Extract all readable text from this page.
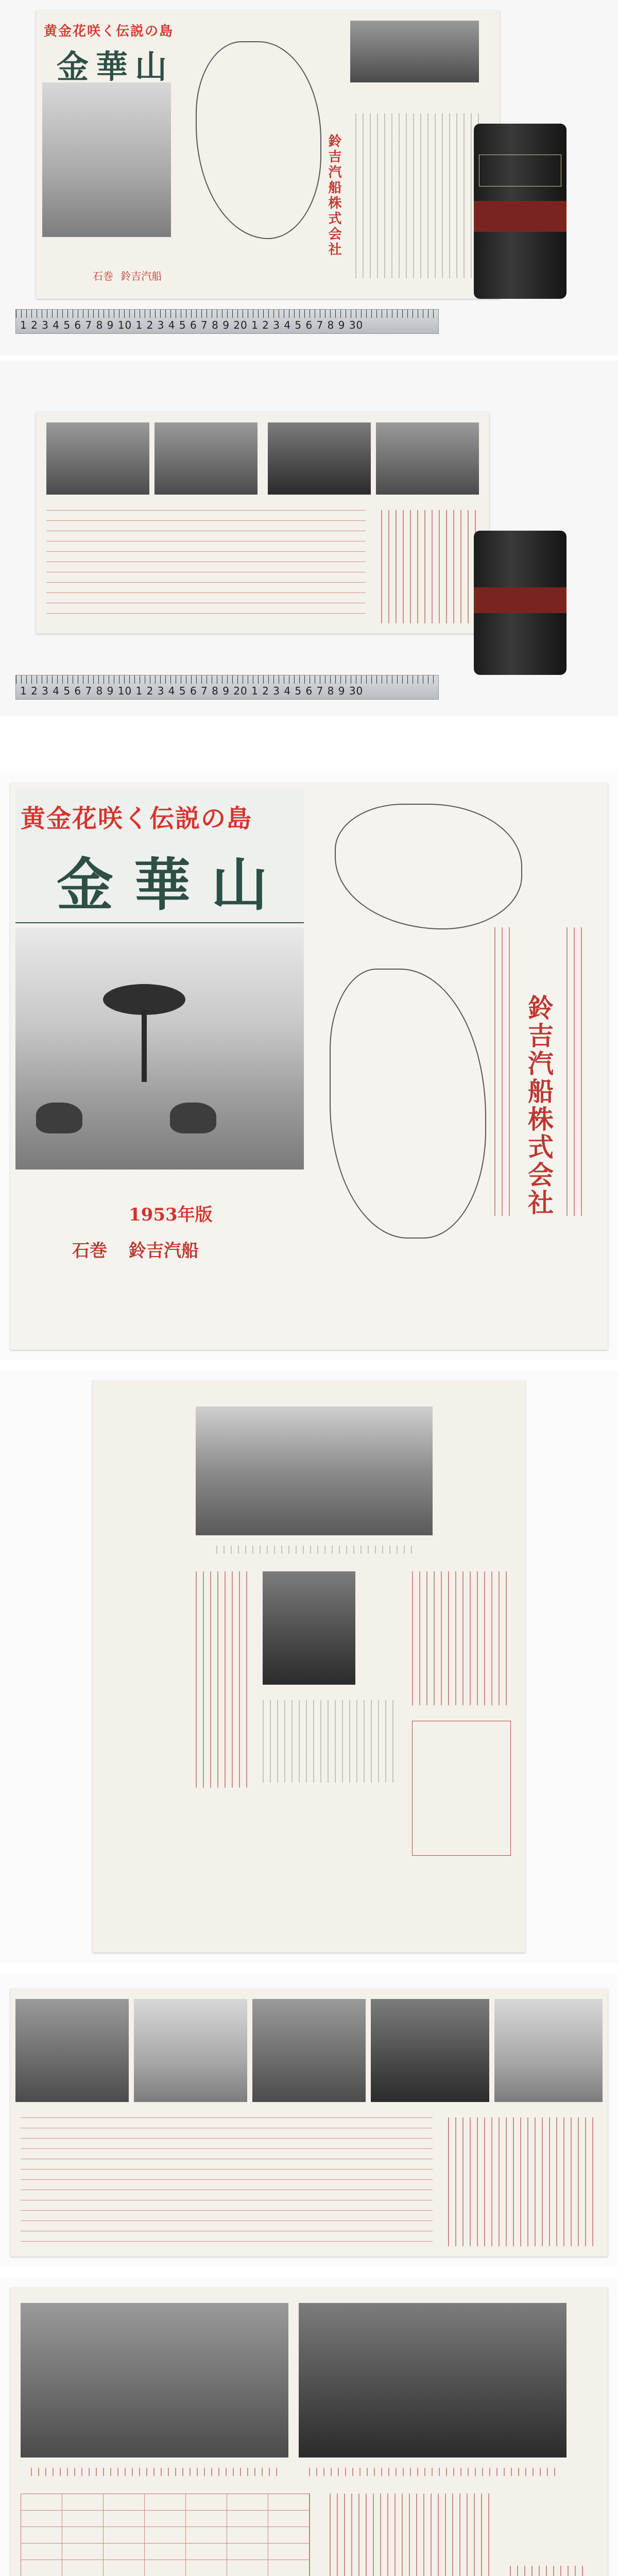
黄金花咲く伝説の島
金華山
石巻 鈴吉汽船
鈴吉汽船株式会社
1 2 3 4 5 6 7 8 9 10 1 2 3 4 5 6 7 8 9 20 1 2 3 4 5 6 7 8 9 30
1 2 3 4 5 6 7 8 9 10 1 2 3 4 5 6 7 8 9 20 1 2 3 4 5 6 7 8 9 30
黄金花咲く伝説の島
金華山
1953年版
石巻 鈴吉汽船
鈴吉汽船株式会社
